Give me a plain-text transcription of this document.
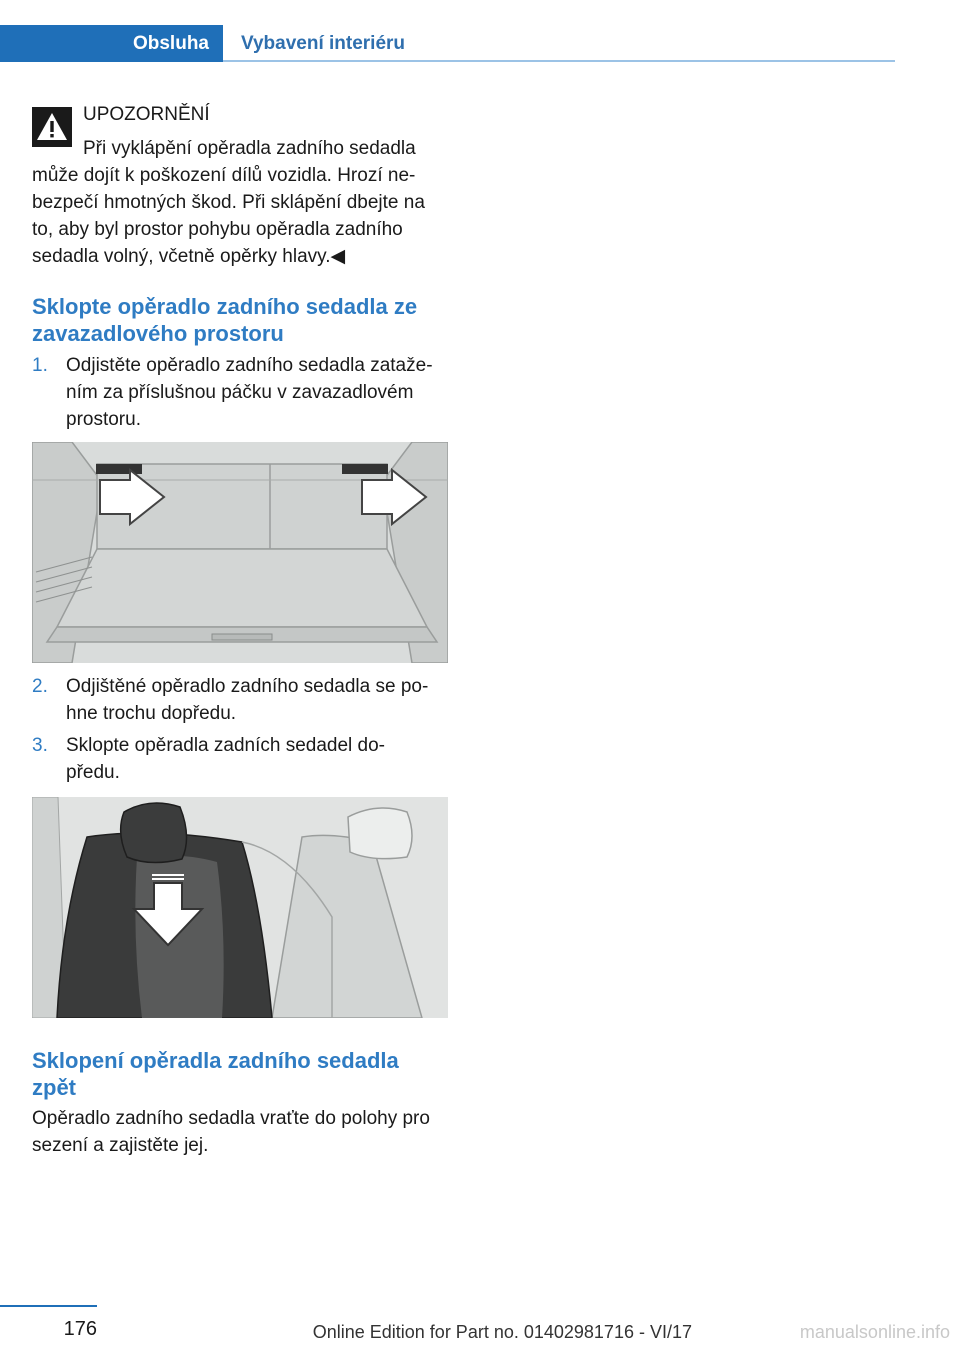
Obsluha Vybavení interiéru
UPOZORNĚNÍ
Při vyklápění opěradla zadního sedadla
může dojít k poškození dílů vozidla. Hrozí ne‐
bezpečí hmotných škod. Při sklápění dbejte na
to, aby byl prostor pohybu opěradla zadního
sedadla volný, včetně opěrky hlavy.◀
Sklopte opěradlo zadního sedadla ze
zavazadlového prostoru
1. Odjistěte opěradlo zadního sedadla zataže‐
ním za příslušnou páčku v zavazadlovém
prostoru.
2. Odjištěné opěradlo zadního sedadla se po‐
hne trochu dopředu.
3. Sklopte opěradla zadních sedadel do‐
předu.
Sklopení opěradla zadního sedadla
zpět
Opěradlo zadního sedadla vraťte do polohy pro
sezení a zajistěte jej.
176	Online Edition for Part no. 01402981716 - VI/17	manualsonline.info
